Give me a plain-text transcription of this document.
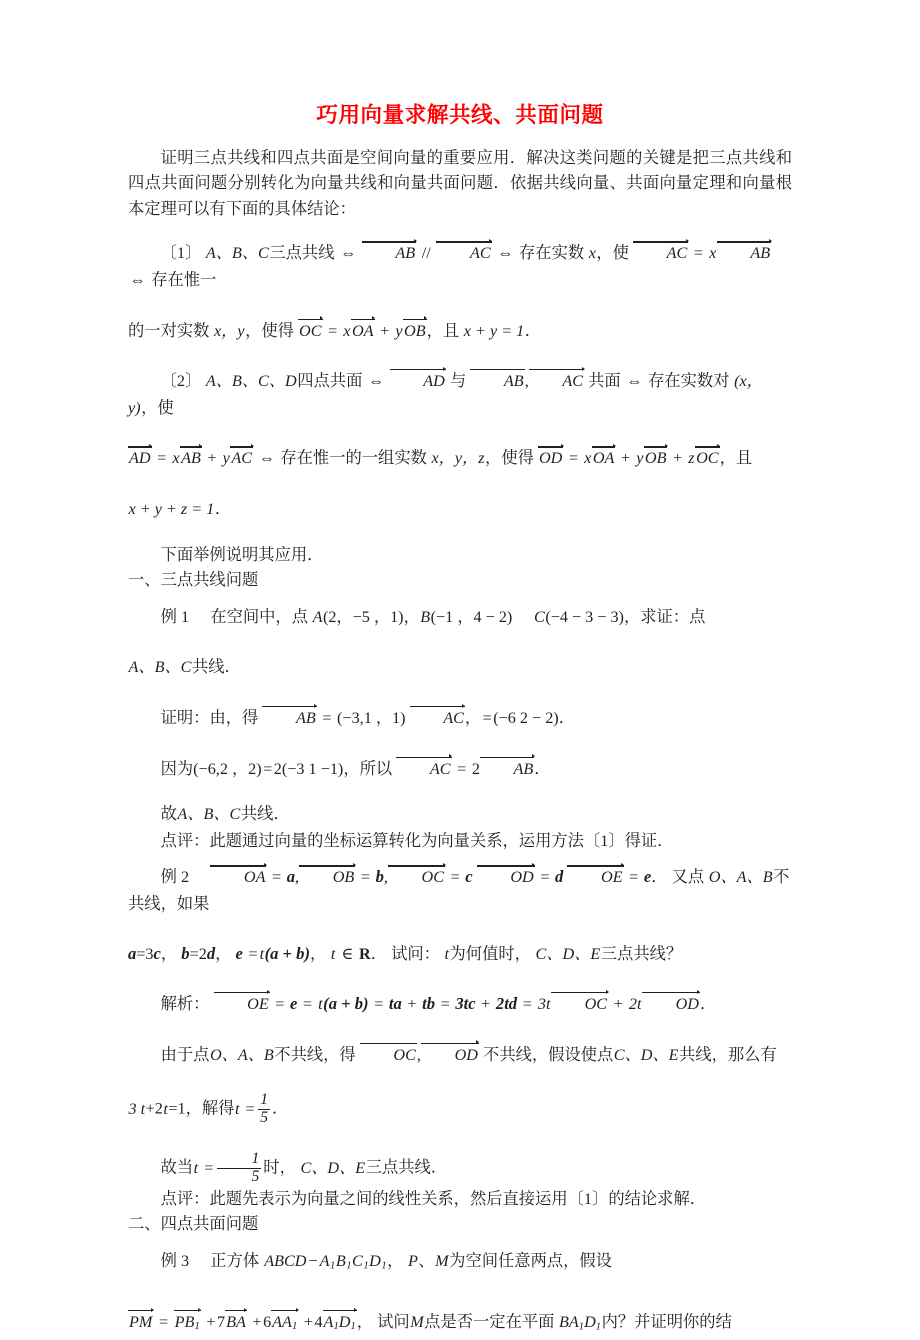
巧用向量求解共线、共面问题

证明三点共线和四点共面是空间向量的重要应用．解决这类问题的关键是把三点共线和四点共面问题分别转化为向量共线和向量共面问题．依据共线向量、共面向量定理和向量根本定理可以有下面的具体结论：

〔1〕 A、B、C三点共线 ⇔ AB // AC ⇔ 存在实数 x，使 AC = x AB ⇔ 存在惟一

的一对实数 x，y，使得 OC = xOA + yOB，且 x + y = 1．

〔2〕 A、B、C、D四点共面 ⇔ AD 与 AB, AC 共面 ⇔ 存在实数对 (x，y)，使

AD = xAB + yAC ⇔ 存在惟一的一组实数 x，y，z，使得 OD = xOA + yOB + zOC，且

x + y + z = 1．

下面举例说明其应用．

一、三点共线问题

例 1 在空间中，点 A(2，−5 ，1)，B(−1 ，4 − 2) C(−4 − 3 − 3)，求证：点

A、B、C共线．

证明：由，得 AB = (−3,1 ，1) AC，=(−6 2 − 2)．

因为(−6,2 ，2)=2(−3 1 −1)，所以 AC = 2 AB．

故A、B、C共线．

点评：此题通过向量的坐标运算转化为向量关系，运用方法〔1〕得证．

例 2	OA = a, OB = b, OC = c OD = d OE = e． 又点 O、A、B不共线，如果

a=3c， b=2d， e = t(a + b)， t ∈ R． 试问： t为何值时， C、D、E三点共线？

解析： OE = e = t(a + b) = ta + tb = 3tc + 2td = 3t OC + 2t OD．

由于点O、A、B不共线，得 OC, OD 不共线，假设使点C、D、E共线，那么有

3 t+2t=1，解得$t = \frac{1}{5}$ ．

故当$t = \frac{1}{5}$ 时， C、D、E三点共线．

点评：此题先表示为向量之间的线性关系，然后直接运用〔1〕的结论求解．

二、四点共面问题

例 3 正方体 ABCD − $A_1B_1C_1D_1$， P、M为空间任意两点，假设

PM = $PB_1 +7BA +6AA_1 +4A_1D_1$， 试问M点是否一定在平面 $BA_1D_1$内？并证明你的结
